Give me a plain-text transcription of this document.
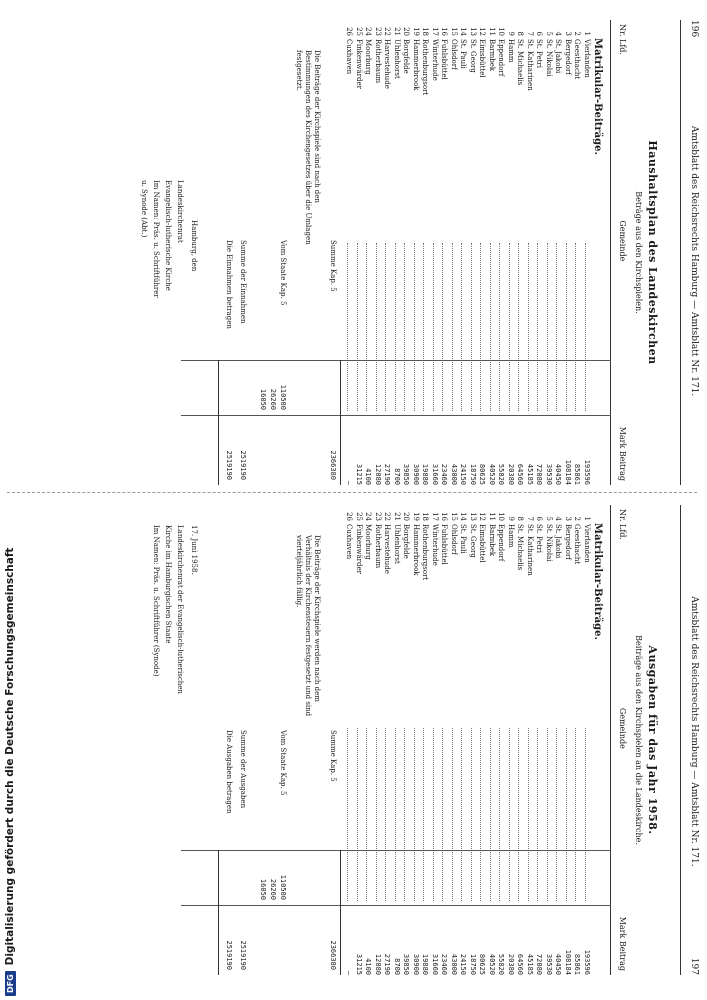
196
Amtsblatt des Reichsrechts Hamburg — Amtsblatt Nr. 171.
Haushaltsplan des Landeskirchen
Beträge aus den Kirchspielen.
Nr. Lfd.
Gemeinde
Mark Beitrag
Matrikular-Beiträge.
1
Vierlanden
193596
2
Geesthacht
85861
3
Bergedorf
108184
4
St. Jakobi
40450
5
St. Nikolai
39530
6
St. Petri
72080
7
St. Katharinen
45185
8
St. Michaelis
64560
9
Hamm
20380
10
Eppendorf
55820
11
Barmbek
40520
12
Eimsbüttel
80625
13
St. Georg
18750
14
St. Pauli
24150
15
Ohlsdorf
43000
16
Fuhlsbüttel
23460
17
Winterhude
31660
18
Rothenburgsort
19880
19
Hammerbrook
30900
20
Borgfelde
39850
21
Uhlenhorst
8700
22
Harvestehude
27190
23
Rotherbaum
12080
24
Moorburg
4100
25
Finkenwärder
31215
26
Cuxhaven
—
Summe Kap. 5
2366380
Die Beiträge der Kirchspiele sind nach den Bestimmungen des Kirchengesetzes über die Umlagen festgesetzt.
Vom Staate Kap. 5
110500
26260
16050
Summe der Einnahmen
2519190
Die Einnahmen betragen
2519190
Hamburg, den
Landeskirchenrat
Evangelisch-lutherische Kirche
Im Namen: Präs. u. Schriftführer
u. Synode (Abt.)
Amtsblatt des Reichsrechts Hamburg — Amtsblatt Nr. 171.
197
Ausgaben für das Jahr 1958.
Beiträge aus den Kirchspielen an die Landeskirche.
Nr. Lfd.
Gemeinde
Mark Beitrag
Matrikular-Beiträge.
1
Vierlanden
193596
2
Geesthacht
85861
3
Bergedorf
108184
4
St. Jakobi
40450
5
St. Nikolai
39530
6
St. Petri
72080
7
St. Katharinen
45185
8
St. Michaelis
64560
9
Hamm
20380
10
Eppendorf
55820
11
Barmbek
40520
12
Eimsbüttel
80625
13
St. Georg
18750
14
St. Pauli
24150
15
Ohlsdorf
43000
16
Fuhlsbüttel
23460
17
Winterhude
31660
18
Rothenburgsort
19880
19
Hammerbrook
30900
20
Borgfelde
39850
21
Uhlenhorst
8700
22
Harvestehude
27190
23
Rotherbaum
12080
24
Moorburg
4100
25
Finkenwärder
31215
26
Cuxhaven
—
Summe Kap. 5
2366380
Die Beiträge der Kirchspiele werden nach dem Verhältnis der Kirchensteuern festgesetzt und sind vierteljährlich fällig.
Vom Staate Kap. 5
110500
26260
16050
Summe der Ausgaben
2519190
Die Ausgaben betragen
2519190
17. Juni 1958.
Landeskirchenrat der Evangelisch-lutherischen
Kirche im Hamburgischen Staate
Im Namen: Präs. u. Schriftführer (Synode)
DFG
Digitalisierung gefördert durch die Deutsche Forschungsgemeinschaft
